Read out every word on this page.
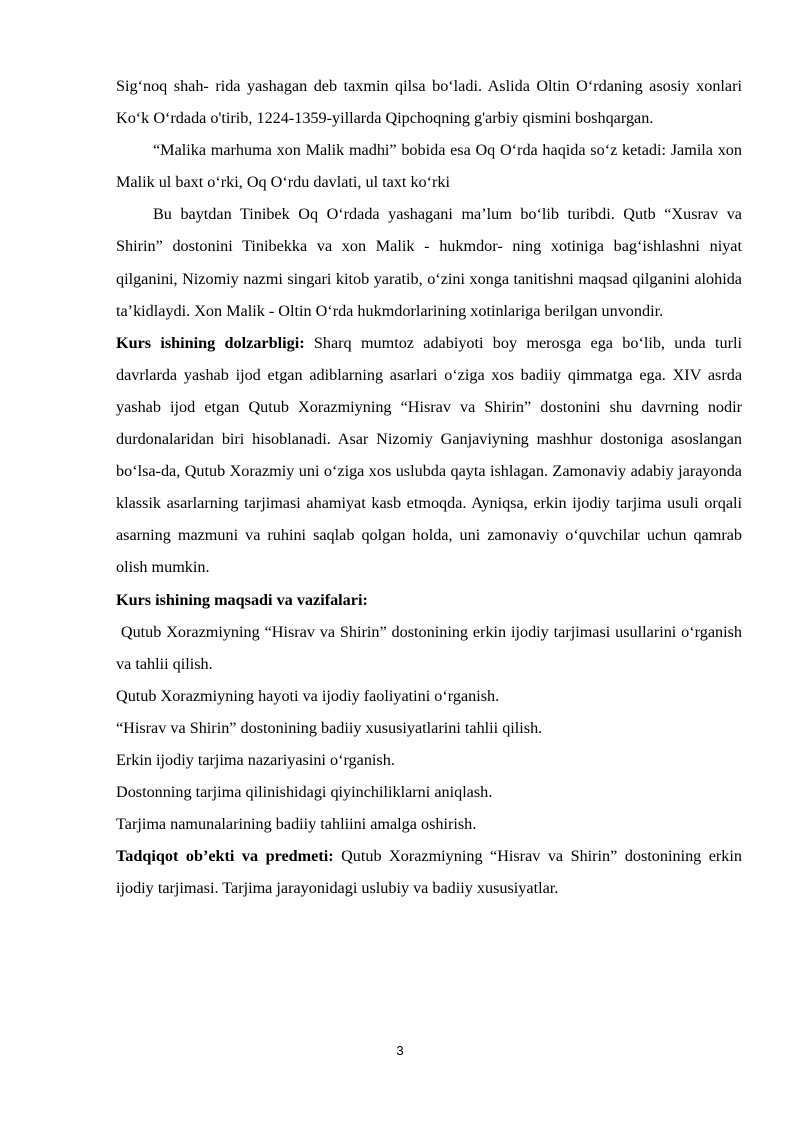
Sig‘noq shah- rida yashagan deb taxmin qilsa bo‘ladi. Aslida Oltin O‘rdaning asosiy xonlari Ko‘k O‘rdada o'tirib, 1224-1359-yillarda Qipchoqning g'arbiy qismini boshqargan.

“Malika marhuma xon Malik madhi” bobida esa Oq O‘rda haqida so‘z ketadi: Jamila xon Malik ul baxt o‘rki, Oq O‘rdu davlati, ul taxt ko‘rki

Bu baytdan Tinibek Oq O‘rdada yashagani ma’lum bo‘lib turibdi. Qutb “Xusrav va Shirin” dostonini Tinibekka va xon Malik - hukmdor- ning xotiniga bag‘ishlashni niyat qilganini, Nizomiy nazmi singari kitob yaratib, o‘zini xonga tanitishni maqsad qilganini alohida ta’kidlaydi. Xon Malik - Oltin O‘rda hukmdorlarining xotinlariga berilgan unvondir.

Kurs ishining dolzarbligi: Sharq mumtoz adabiyoti boy merosga ega bo‘lib, unda turli davrlarda yashab ijod etgan adiblarning asarlari o‘ziga xos badiiy qimmatga ega. XIV asrda yashab ijod etgan Qutub Xorazmiyning “Hisrav va Shirin” dostonini shu davrning nodir durdonalaridan biri hisoblanadi. Asar Nizomiy Ganjaviyning mashhur dostoniga asoslangan bo‘lsa-da, Qutub Xorazmiy uni o‘ziga xos uslubda qayta ishlagan. Zamonaviy adabiy jarayonda klassik asarlarning tarjimasi ahamiyat kasb etmoqda. Ayniqsa, erkin ijodiy tarjima usuli orqali asarning mazmuni va ruhini saqlab qolgan holda, uni zamonaviy o‘quvchilar uchun qamrab olish mumkin.

Kurs ishining maqsadi va vazifalari:

Qutub Xorazmiyning “Hisrav va Shirin” dostonining erkin ijodiy tarjimasi usullarini o‘rganish va tahlii qilish.

Qutub Xorazmiyning hayoti va ijodiy faoliyatini o‘rganish.

“Hisrav va Shirin” dostonining badiiy xususiyatlarini tahlii qilish.

Erkin ijodiy tarjima nazariyasini o‘rganish.

Dostonning tarjima qilinishidagi qiyinchiliklarni aniqlash.

Tarjima namunalarining badiiy tahliini amalga oshirish.

Tadqiqot ob’ekti va predmeti: Qutub Xorazmiyning “Hisrav va Shirin” dostonining erkin ijodiy tarjimasi. Tarjima jarayonidagi uslubiy va badiiy xususiyatlar.

3
